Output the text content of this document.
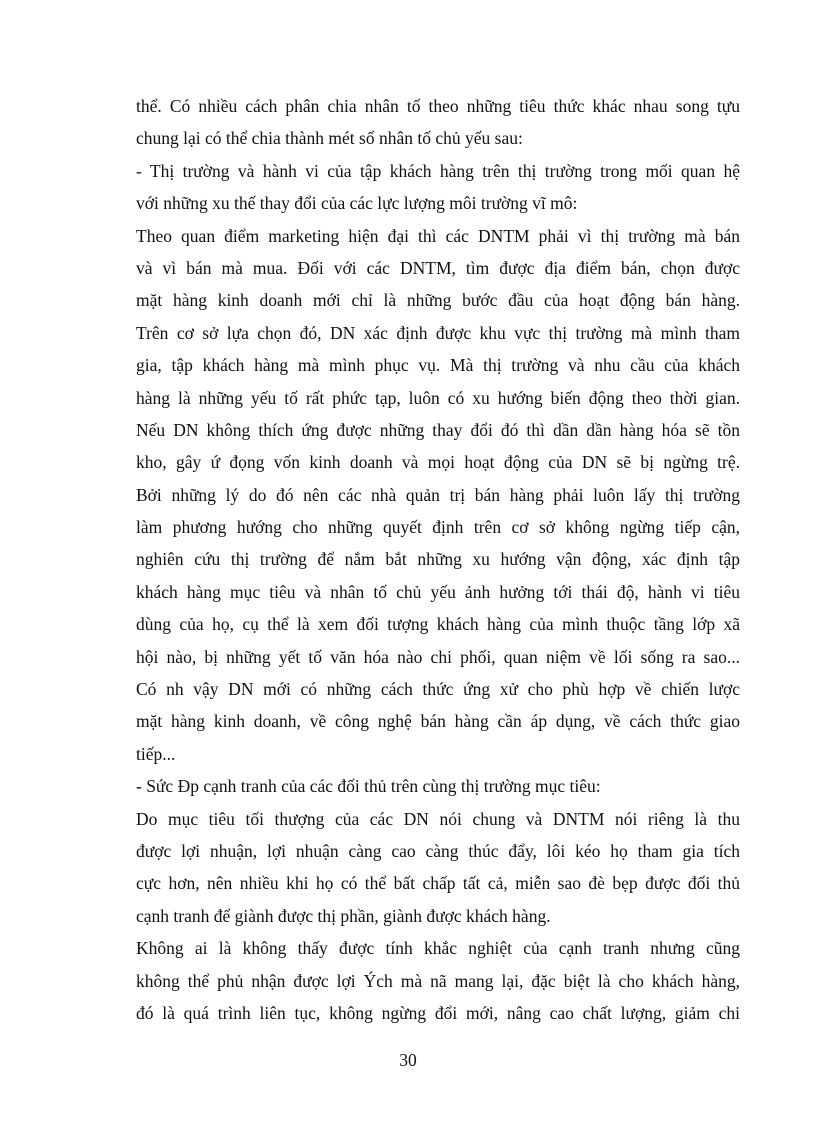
thể. Có nhiều cách phân chia nhân tố theo những tiêu thức khác nhau song tựu
chung lại có thể chia thành mét số nhân tố chủ yếu sau:
- Thị trường và hành vi của tập khách hàng trên thị trường trong mối quan hệ
với những xu thế thay đổi của các lực lượng môi trường vĩ mô:
Theo quan điểm marketing hiện đại thì các DNTM phải vì thị trường mà bán
và vì bán mà mua. Đối với các DNTM, tìm được địa điểm bán, chọn được
mặt hàng kinh doanh mới chỉ là những bước đầu của hoạt động bán hàng.
Trên cơ sở lựa chọn đó, DN xác định được khu vực thị trường mà mình tham
gia, tập khách hàng mà mình phục vụ. Mà thị trường và nhu cầu của khách
hàng là những yếu tố rất phức tạp, luôn có xu hướng biến động theo thời gian.
Nếu DN không thích ứng được những thay đổi đó thì dần dần hàng hóa sẽ tồn
kho, gây ứ đọng vốn kinh doanh và mọi hoạt động của DN sẽ bị ngừng trệ.
Bởi những lý do đó nên các nhà quản trị bán hàng phải luôn lấy thị trường
làm phương hướng cho những quyết định trên cơ sở không ngừng tiếp cận,
nghiên cứu thị trường để nắm bắt những xu hướng vận động, xác định tập
khách hàng mục tiêu và nhân tố chủ yếu ảnh hưởng tới thái độ, hành vi tiêu
dùng của họ, cụ thể là xem đối tượng khách hàng của mình thuộc tầng lớp xã
hội nào, bị những yết tố văn hóa nào chi phối, quan niệm về lối sống ra sao...
Có nh vậy DN mới có những cách thức ứng xử cho phù hợp về chiến lược
mặt hàng kinh doanh, về công nghệ bán hàng cần áp dụng, về cách thức giao
tiếp...
- Sức Đp cạnh tranh của các đối thủ trên cùng thị trường mục tiêu:
Do mục tiêu tối thượng của các DN nói chung và DNTM nói riêng là thu
được lợi nhuận, lợi nhuận càng cao càng thúc đẩy, lôi kéo họ tham gia tích
cực hơn, nên nhiều khi họ có thể bất chấp tất cả, miễn sao đè bẹp được đối thủ
cạnh tranh để giành được thị phần, giành được khách hàng.
Không ai là không thấy được tính khắc nghiệt của cạnh tranh nhưng cũng
không thể phủ nhận được lợi Ých mà nã mang lại, đặc biệt là cho khách hàng,
đó là quá trình liên tục, không ngừng đổi mới, nâng cao chất lượng, giảm chi
30
